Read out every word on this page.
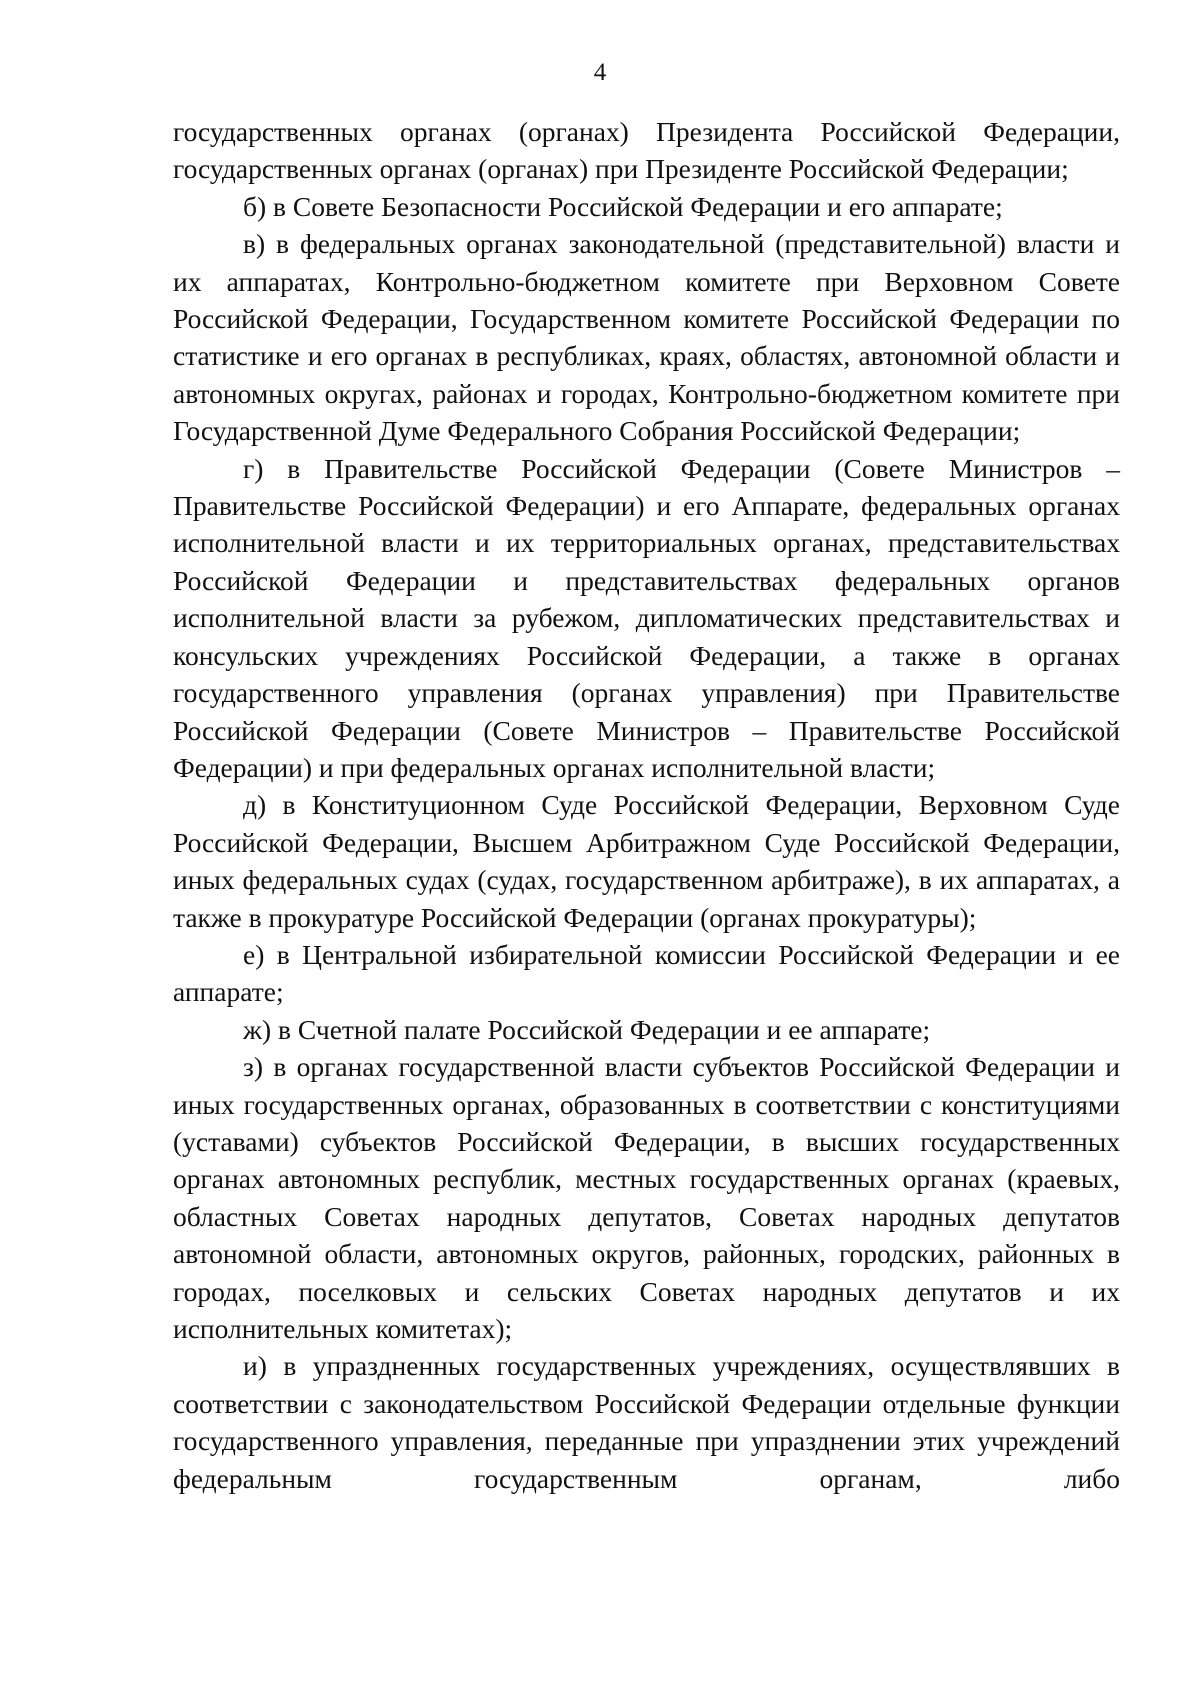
4

государственных органах (органах) Президента Российской Федерации, государственных органах (органах) при Президенте Российской Федерации;

б) в Совете Безопасности Российской Федерации и его аппарате;

в) в федеральных органах законодательной (представительной) власти и их аппаратах, Контрольно-бюджетном комитете при Верховном Совете Российской Федерации, Государственном комитете Российской Федерации по статистике и его органах в республиках, краях, областях, автономной области и автономных округах, районах и городах, Контрольно-бюджетном комитете при Государственной Думе Федерального Собрания Российской Федерации;

г) в Правительстве Российской Федерации (Совете Министров – Правительстве Российской Федерации) и его Аппарате, федеральных органах исполнительной власти и их территориальных органах, представительствах Российской Федерации и представительствах федеральных органов исполнительной власти за рубежом, дипломатических представительствах и консульских учреждениях Российской Федерации, а также в органах государственного управления (органах управления) при Правительстве Российской Федерации (Совете Министров – Правительстве Российской Федерации) и при федеральных органах исполнительной власти;

д) в Конституционном Суде Российской Федерации, Верховном Суде Российской Федерации, Высшем Арбитражном Суде Российской Федерации, иных федеральных судах (судах, государственном арбитраже), в их аппаратах, а также в прокуратуре Российской Федерации (органах прокуратуры);

е) в Центральной избирательной комиссии Российской Федерации и ее аппарате;

ж) в Счетной палате Российской Федерации и ее аппарате;

з) в органах государственной власти субъектов Российской Федерации и иных государственных органах, образованных в соответствии с конституциями (уставами) субъектов Российской Федерации, в высших государственных органах автономных республик, местных государственных органах (краевых, областных Советах народных депутатов, Советах народных депутатов автономной области, автономных округов, районных, городских, районных в городах, поселковых и сельских Советах народных депутатов и их исполнительных комитетах);

и) в упраздненных государственных учреждениях, осуществлявших в соответствии с законодательством Российской Федерации отдельные функции государственного управления, переданные при упразднении этих учреждений федеральным государственным органам, либо
